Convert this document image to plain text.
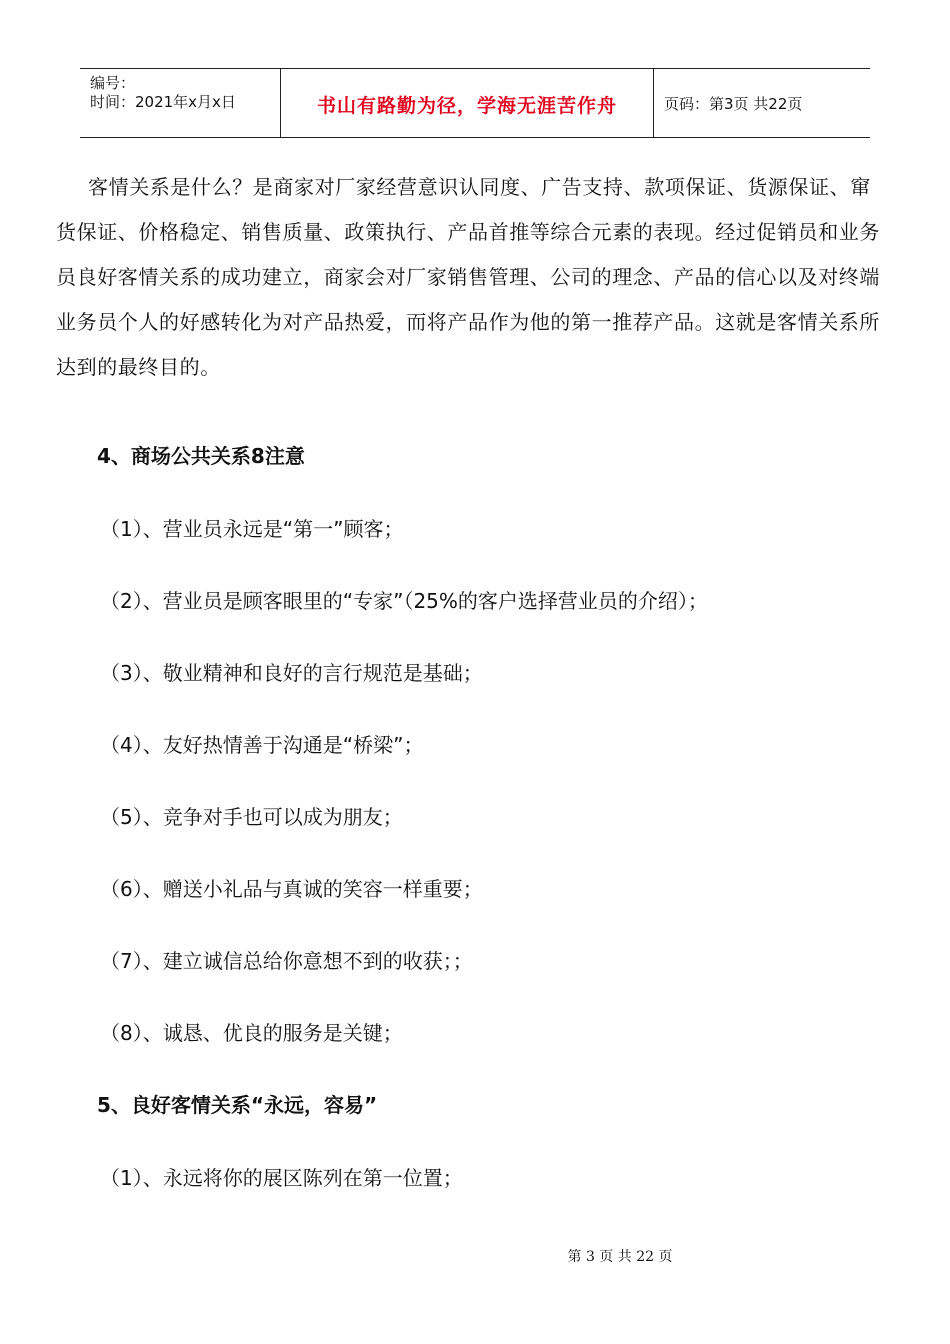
编号：
时间：2021年x月x日	书山有路勤为径，学海无涯苦作舟	页码：第3页 共22页

客情关系是什么？是商家对厂家经营意识认同度、广告支持、款项保证、货源保证、窜货保证、价格稳定、销售质量、政策执行、产品首推等综合元素的表现。经过促销员和业务员良好客情关系的成功建立，商家会对厂家销售管理、公司的理念、产品的信心以及对终端业务员个人的好感转化为对产品热爱，而将产品作为他的第一推荐产品。这就是客情关系所达到的最终目的。

4、商场公共关系8注意

（1）、营业员永远是“第一”顾客；

（2）、营业员是顾客眼里的“专家”（25%的客户选择营业员的介绍）；

（3）、敬业精神和良好的言行规范是基础；

（4）、友好热情善于沟通是“桥梁”；

（5）、竞争对手也可以成为朋友；

（6）、赠送小礼品与真诚的笑容一样重要；

（7）、建立诚信总给你意想不到的收获；；

（8）、诚恳、优良的服务是关键；

5、良好客情关系“永远，容易”

（1）、永远将你的展区陈列在第一位置；

第 3 页 共 22 页
